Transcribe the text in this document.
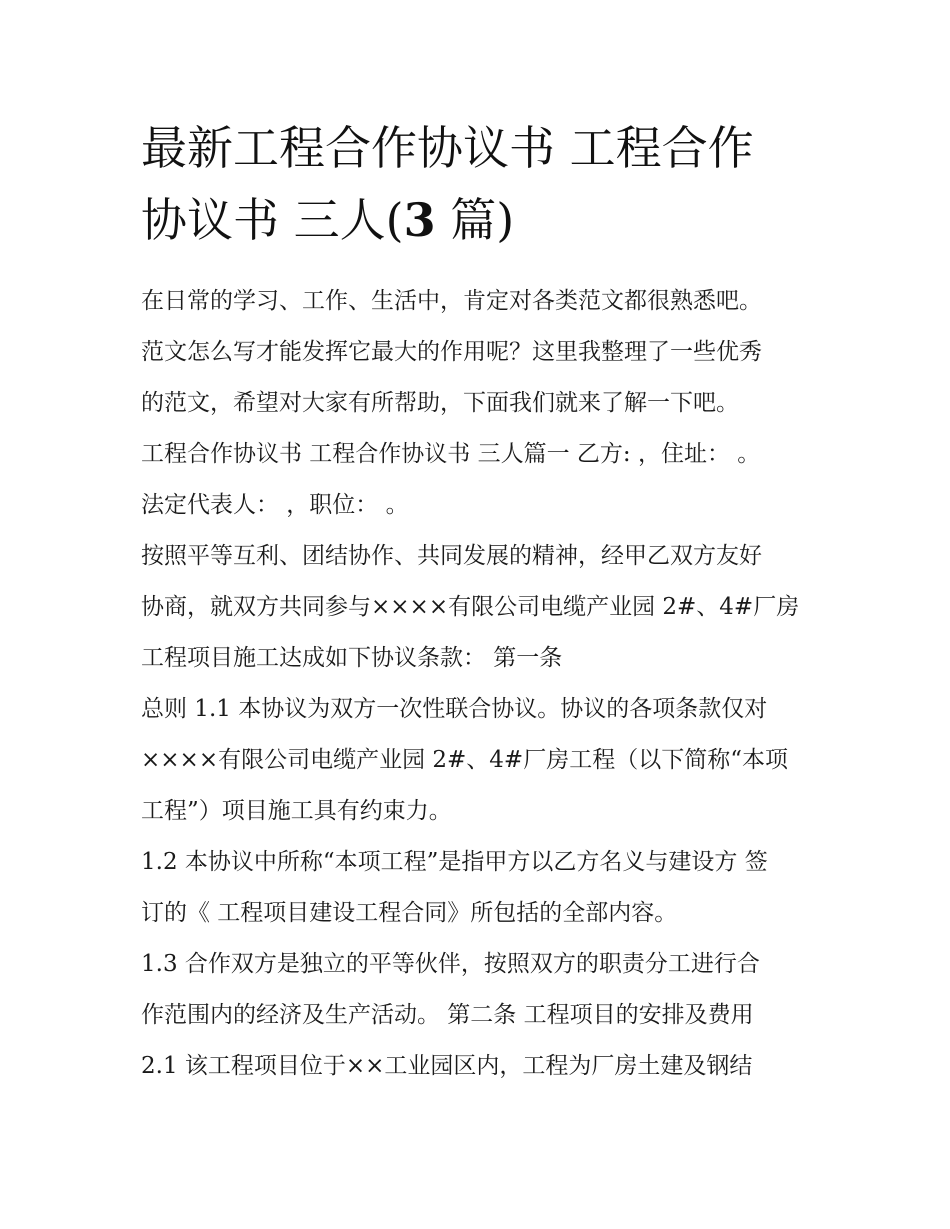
最新工程合作协议书 工程合作
协议书 三人(3 篇)
在日常的学习、工作、生活中，肯定对各类范文都很熟悉吧。
范文怎么写才能发挥它最大的作用呢？这里我整理了一些优秀
的范文，希望对大家有所帮助，下面我们就来了解一下吧。
工程合作协议书 工程合作协议书 三人篇一 乙方: ，住址： 。
法定代表人： ，职位： 。
按照平等互利、团结协作、共同发展的精神，经甲乙双方友好
协商，就双方共同参与××××有限公司电缆产业园 2#、4#厂房
工程项目施工达成如下协议条款： 第一条
总则 1.1 本协议为双方一次性联合协议。协议的各项条款仅对
××××有限公司电缆产业园 2#、4#厂房工程（以下简称“本项
工程”）项目施工具有约束力。
1.2 本协议中所称“本项工程”是指甲方以乙方名义与建设方 签
订的《 工程项目建设工程合同》所包括的全部内容。
1.3 合作双方是独立的平等伙伴，按照双方的职责分工进行合
作范围内的经济及生产活动。 第二条 工程项目的安排及费用
2.1 该工程项目位于××工业园区内，工程为厂房土建及钢结
